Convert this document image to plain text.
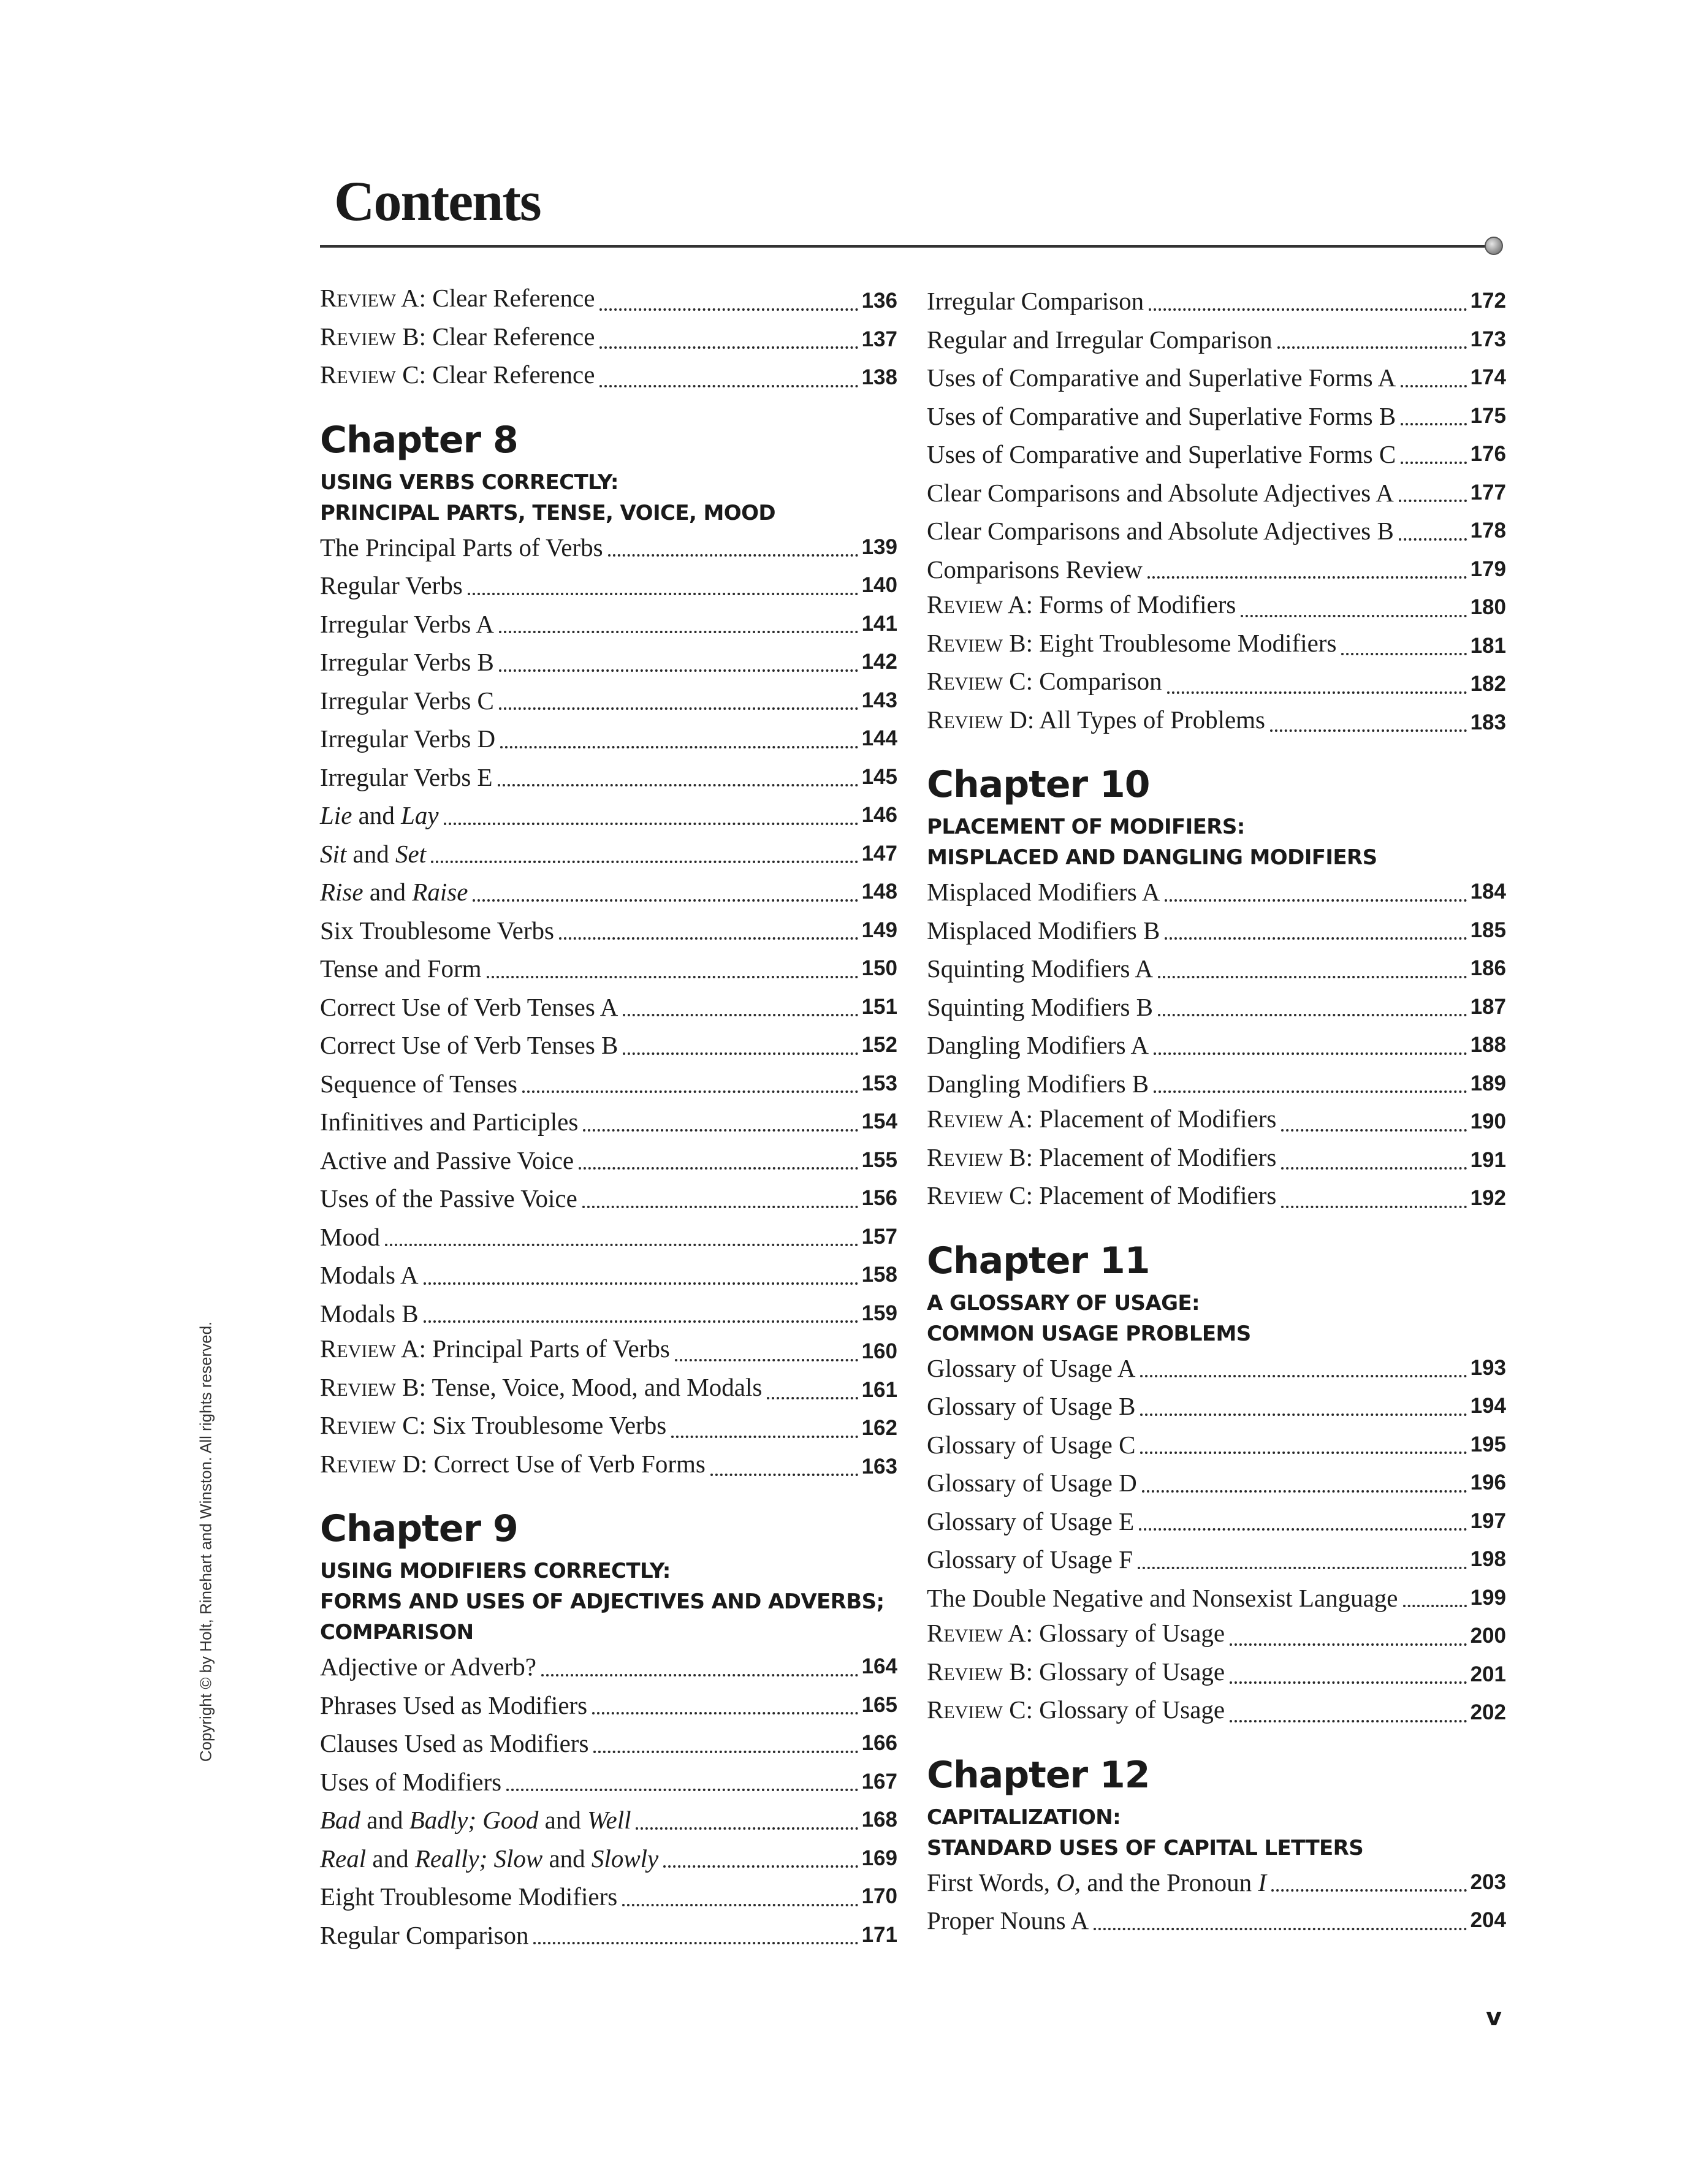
Contents
REVIEW A: Clear Reference	136
REVIEW B: Clear Reference	137
REVIEW C: Clear Reference	138
Chapter 8
USING VERBS CORRECTLY:
PRINCIPAL PARTS, TENSE, VOICE, MOOD
The Principal Parts of Verbs	139
Regular Verbs	140
Irregular Verbs A	141
Irregular Verbs B	142
Irregular Verbs C	143
Irregular Verbs D	144
Irregular Verbs E	145
Lie and Lay	146
Sit and Set	147
Rise and Raise	148
Six Troublesome Verbs	149
Tense and Form	150
Correct Use of Verb Tenses A	151
Correct Use of Verb Tenses B	152
Sequence of Tenses	153
Infinitives and Participles	154
Active and Passive Voice	155
Uses of the Passive Voice	156
Mood	157
Modals A	158
Modals B	159
REVIEW A: Principal Parts of Verbs	160
REVIEW B: Tense, Voice, Mood, and Modals	161
REVIEW C: Six Troublesome Verbs	162
REVIEW D: Correct Use of Verb Forms	163
Chapter 9
USING MODIFIERS CORRECTLY:
FORMS AND USES OF ADJECTIVES AND ADVERBS;
COMPARISON
Adjective or Adverb?	164
Phrases Used as Modifiers	165
Clauses Used as Modifiers	166
Uses of Modifiers	167
Bad and Badly; Good and Well	168
Real and Really; Slow and Slowly	169
Eight Troublesome Modifiers	170
Regular Comparison	171
Irregular Comparison	172
Regular and Irregular Comparison	173
Uses of Comparative and Superlative Forms A	174
Uses of Comparative and Superlative Forms B	175
Uses of Comparative and Superlative Forms C	176
Clear Comparisons and Absolute Adjectives A	177
Clear Comparisons and Absolute Adjectives B	178
Comparisons Review	179
REVIEW A: Forms of Modifiers	180
REVIEW B: Eight Troublesome Modifiers	181
REVIEW C: Comparison	182
REVIEW D: All Types of Problems	183
Chapter 10
PLACEMENT OF MODIFIERS:
MISPLACED AND DANGLING MODIFIERS
Misplaced Modifiers A	184
Misplaced Modifiers B	185
Squinting Modifiers A	186
Squinting Modifiers B	187
Dangling Modifiers A	188
Dangling Modifiers B	189
REVIEW A: Placement of Modifiers	190
REVIEW B: Placement of Modifiers	191
REVIEW C: Placement of Modifiers	192
Chapter 11
A GLOSSARY OF USAGE:
COMMON USAGE PROBLEMS
Glossary of Usage A	193
Glossary of Usage B	194
Glossary of Usage C	195
Glossary of Usage D	196
Glossary of Usage E	197
Glossary of Usage F	198
The Double Negative and Nonsexist Language	199
REVIEW A: Glossary of Usage	200
REVIEW B: Glossary of Usage	201
REVIEW C: Glossary of Usage	202
Chapter 12
CAPITALIZATION:
STANDARD USES OF CAPITAL LETTERS
First Words, O, and the Pronoun I	203
Proper Nouns A	204
Copyright © by Holt, Rinehart and Winston. All rights reserved.
v
